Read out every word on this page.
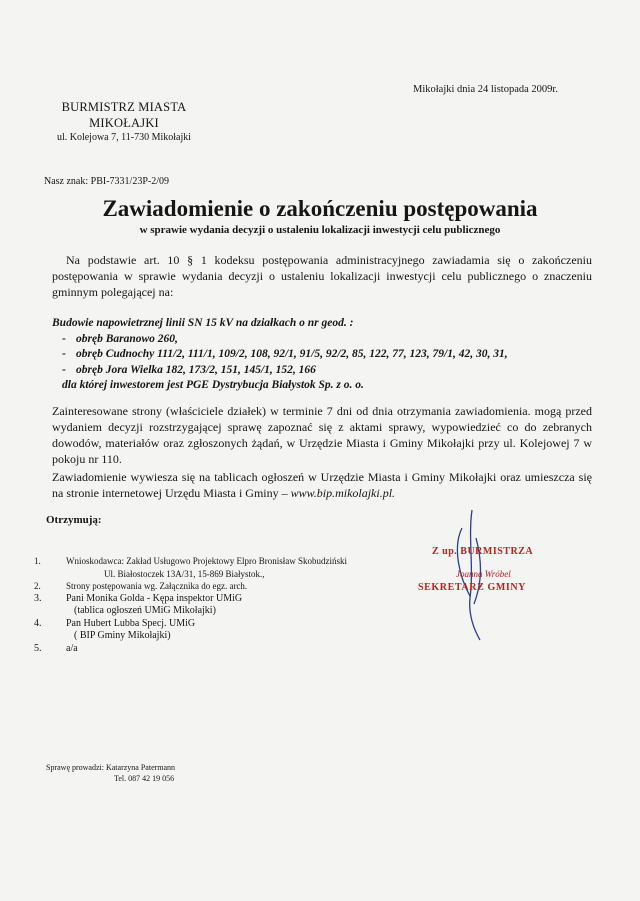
Mikołajki dnia 24 listopada 2009r.
BURMISTRZ MIASTA
MIKOŁAJKI
ul. Kolejowa 7, 11-730 Mikołajki
Nasz znak: PBI-7331/23P-2/09
Zawiadomienie o zakończeniu postępowania
w sprawie wydania decyzji o ustaleniu lokalizacji inwestycji celu publicznego
Na podstawie art. 10 § 1 kodeksu postępowania administracyjnego zawiadamia się o zakończeniu postępowania w sprawie wydania decyzji o ustaleniu lokalizacji inwestycji celu publicznego o znaczeniu gminnym polegającej na:
Budowie napowietrznej linii SN 15 kV na działkach o nr geod. :
- obręb Baranowo 260,
- obręb Cudnochy 111/2, 111/1, 109/2, 108, 92/1, 91/5, 92/2, 85, 122, 77, 123, 79/1, 42, 30, 31,
- obręb Jora Wielka 182, 173/2, 151, 145/1, 152, 166
dla której inwestorem jest PGE Dystrybucja Białystok Sp. z o. o.
Zainteresowane strony (właściciele działek) w terminie 7 dni od dnia otrzymania zawiadomienia. mogą przed wydaniem decyzji rozstrzygającej sprawę zapoznać się z aktami sprawy, wypowiedzieć co do zebranych dowodów, materiałów oraz zgłoszonych żądań, w Urzędzie Miasta i Gminy Mikołajki przy ul. Kolejowej 7 w pokoju nr 110.
Zawiadomienie wywiesza się na tablicach ogłoszeń w Urzędzie Miasta i Gminy Mikołajki oraz umieszcza się na stronie internetowej Urzędu Miasta i Gminy – www.bip.mikolajki.pl.
Otrzymują:
1.	Wnioskodawca: Zakład Usługowo Projektowy Elpro Bronisław Skobudziński
Ul. Białostoczek 13A/31, 15-869 Białystok.,
2.	Strony postępowania wg. Załącznika do egz. arch.
3.	Pani Monika Golda - Kępa inspektor UMiG
(tablica ogłoszeń UMiG Mikołajki)
4.	Pan Hubert Lubba Specj. UMiG
( BIP Gminy Mikołajki)
5.	a/a
Z up. BURMISTRZA
Joanna Wróbel
SEKRETARZ GMINY
Sprawę prowadzi: Katarzyna Patermann
Tel. 087 42 19 056
